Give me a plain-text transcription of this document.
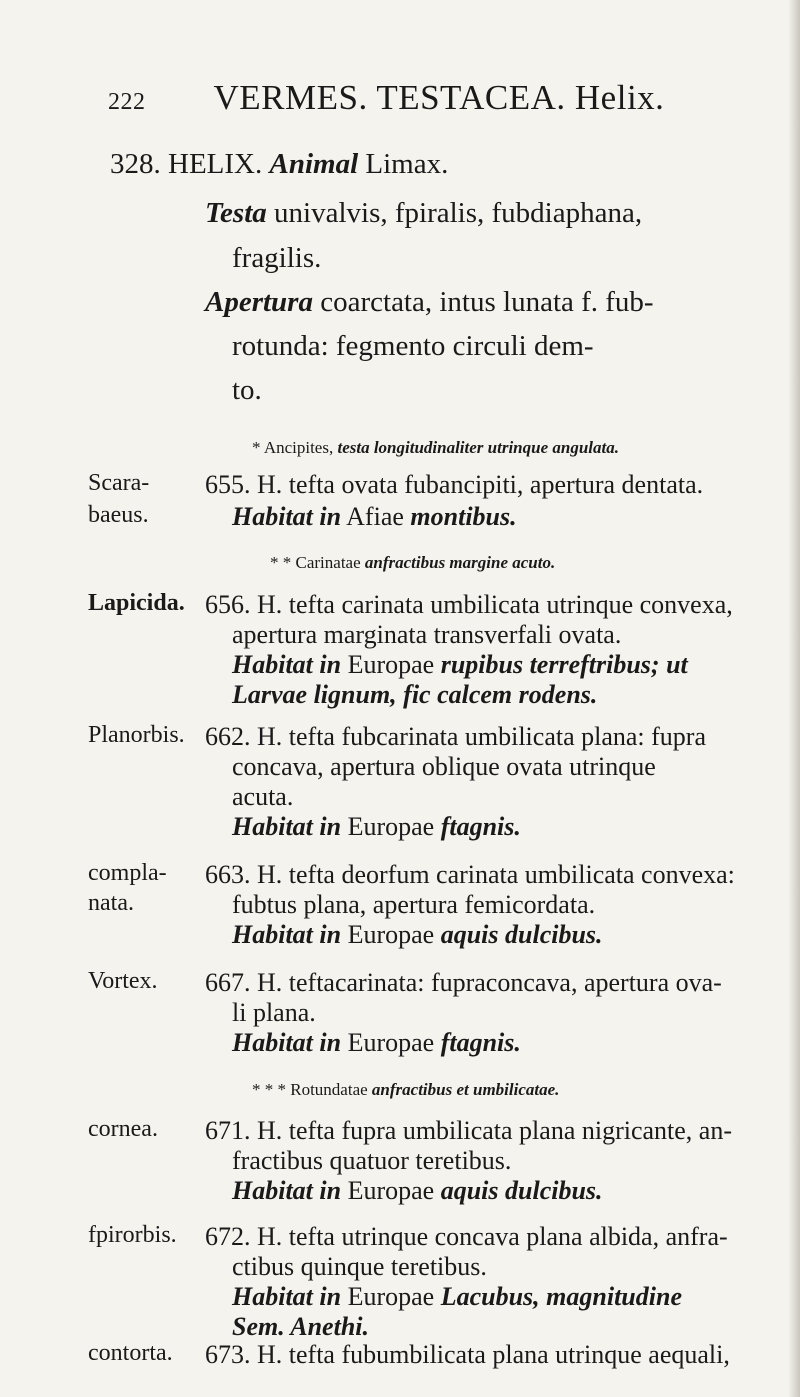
222 VERMES. TESTACEA. Helix.
328. HELIX. Animal Limax.
Testa univalvis, fpiralis, fubdiaphana,
fragilis.
Apertura coarctata, intus lunata f. fub-
rotunda: fegmento circuli dem-
to.
* Ancipites, testa longitudinaliter utrinque angulata.
Scara-
baeus.
655. H. tefta ovata fubancipiti, apertura dentata.
Habitat in Afiae montibus.
* * Carinatae anfractibus margine acuto.
Lapicida. 656. H. tefta carinata umbilicata utrinque convexa,
apertura marginata transverfali ovata.
Habitat in Europae rupibus terreftribus; ut
Larvae lignum, fic calcem rodens.
Planorbis. 662. H. tefta fubcarinata umbilicata plana: fupra
concava, apertura oblique ovata utrinque
acuta.
Habitat in Europae ftagnis.
compla-
nata.
663. H. tefta deorfum carinata umbilicata convexa:
fubtus plana, apertura femicordata.
Habitat in Europae aquis dulcibus.
Vortex. 667. H. teftacarinata: fupraconcava, apertura ova-
li plana.
Habitat in Europae ftagnis.
* * * Rotundatae anfractibus et umbilicatae.
cornea. 671. H. tefta fupra umbilicata plana nigricante, an-
fractibus quatuor teretibus.
Habitat in Europae aquis dulcibus.
fpirorbis. 672. H. tefta utrinque concava plana albida, anfra-
ctibus quinque teretibus.
Habitat in Europae Lacubus, magnitudine
Sem. Anethi.
contorta. 673. H. tefta fubumbilicata plana utrinque aequali,
